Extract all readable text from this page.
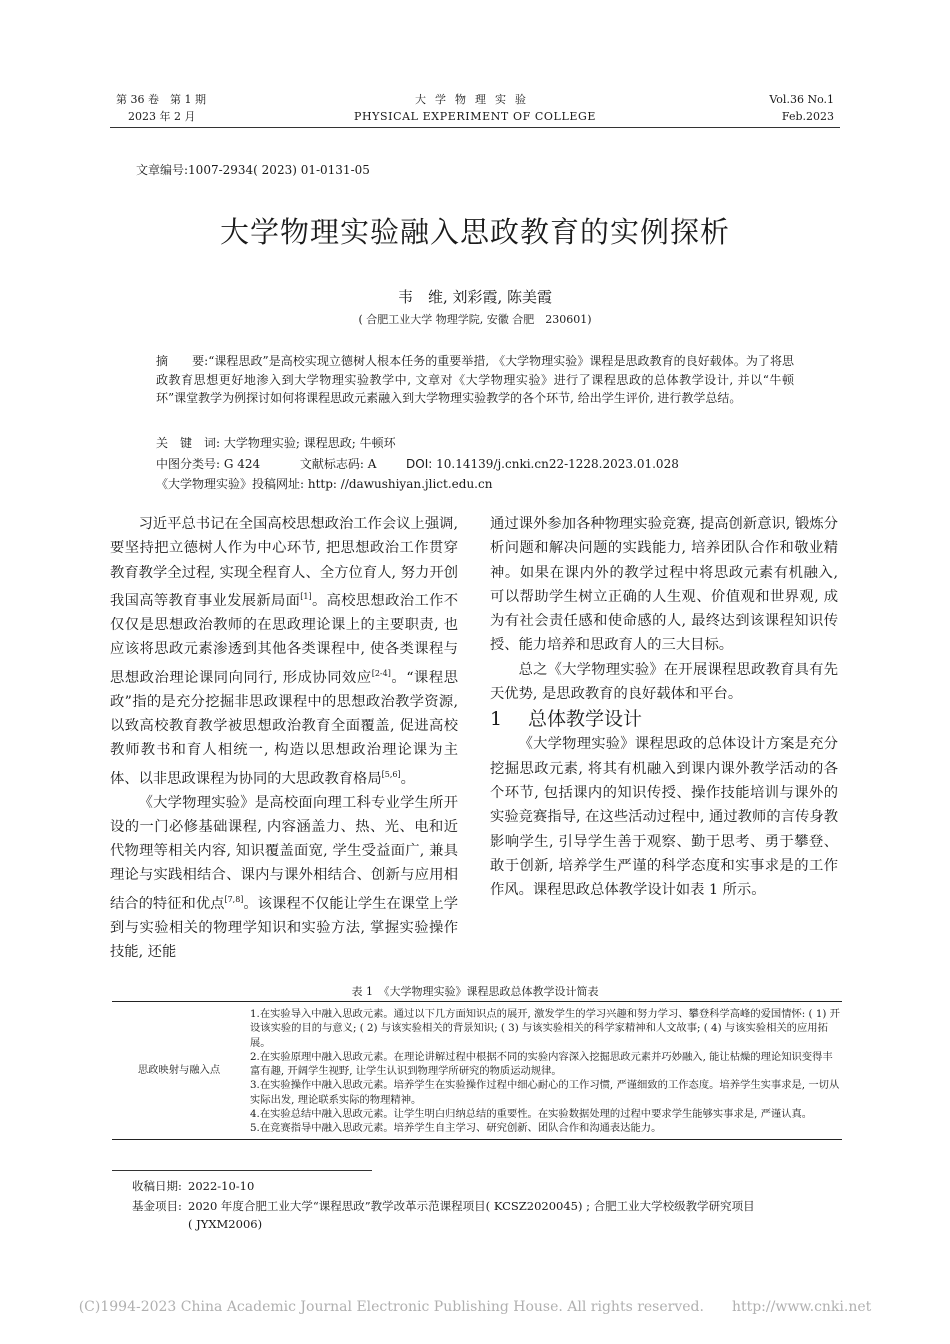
第 36 卷　第 1 期
2023 年 2 月
大学物理实验
PHYSICAL EXPERIMENT OF COLLEGE
Vol.36 No.1
Feb.2023
文章编号:1007-2934( 2023) 01-0131-05
大学物理实验融入思政教育的实例探析
韦　维, 刘彩霞, 陈美霞
( 合肥工业大学 物理学院, 安徽 合肥　230601)

摘　　要:“课程思政”是高校实现立德树人根本任务的重要举措, 《大学物理实验》课程是思政教育的良好载体。为了将思政教育思想更好地渗入到大学物理实验教学中, 文章对《大学物理实验》进行了课程思政的总体教学设计, 并以“牛顿环”课堂教学为例探讨如何将课程思政元素融入到大学物理实验教学的各个环节, 给出学生评价, 进行教学总结。

关　键　词: 大学物理实验; 课程思政; 牛顿环
中图分类号: G 424	文献标志码: A DOI: 10.14139/j.cnki.cn22-1228.2023.01.028
《大学物理实验》投稿网址: http: //dawushiyan.jlict.edu.cn

习近平总书记在全国高校思想政治工作会议上强调, 要坚持把立德树人作为中心环节, 把思想政治工作贯穿教育教学全过程, 实现全程育人、全方位育人, 努力开创我国高等教育事业发展新局面[1]。高校思想政治工作不仅仅是思想政治教师的在思政理论课上的主要职责, 也应该将思政元素渗透到其他各类课程中, 使各类课程与思想政治理论课同向同行, 形成协同效应[2-4]。“课程思政”指的是充分挖掘非思政课程中的思想政治教学资源, 以致高校教育教学被思想政治教育全面覆盖, 促进高校教师教书和育人相统一, 构造以思想政治理论课为主体、以非思政课程为协同的大思政教育格局[5,6]。

《大学物理实验》是高校面向理工科专业学生所开设的一门必修基础课程, 内容涵盖力、热、光、电和近代物理等相关内容, 知识覆盖面宽, 学生受益面广, 兼具理论与实践相结合、课内与课外相结合、创新与应用相结合的特征和优点[7,8]。该课程不仅能让学生在课堂上学到与实验相关的物理学知识和实验方法, 掌握实验操作技能, 还能

通过课外参加各种物理实验竞赛, 提高创新意识, 锻炼分析问题和解决问题的实践能力, 培养团队合作和敬业精神。如果在课内外的教学过程中将思政元素有机融入, 可以帮助学生树立正确的人生观、价值观和世界观, 成为有社会责任感和使命感的人, 最终达到该课程知识传授、能力培养和思政育人的三大目标。

总之《大学物理实验》在开展课程思政教育具有先天优势, 是思政教育的良好载体和平台。

1 总体教学设计

《大学物理实验》课程思政的总体设计方案是充分挖掘思政元素, 将其有机融入到课内课外教学活动的各个环节, 包括课内的知识传授、操作技能培训与课外的实验竞赛指导, 在这些活动过程中, 通过教师的言传身教影响学生, 引导学生善于观察、勤于思考、勇于攀登、敢于创新, 培养学生严谨的科学态度和实事求是的工作作风。课程思政总体教学设计如表 1 所示。

表 1　《大学物理实验》课程思政总体教学设计简表
思政映射与融入点

1.在实验导入中融入思政元素。通过以下几方面知识点的展开, 激发学生的学习兴趣和努力学习、攀登科学高峰的爱国情怀: ( 1) 开设该实验的目的与意义; ( 2) 与该实验相关的背景知识; ( 3) 与该实验相关的科学家精神和人文故事; ( 4) 与该实验相关的应用拓展。

2.在实验原理中融入思政元素。在理论讲解过程中根据不同的实验内容深入挖掘思政元素并巧妙融入, 能让枯燥的理论知识变得丰富有趣, 开阔学生视野, 让学生认识到物理学所研究的物质运动规律。

3.在实验操作中融入思政元素。培养学生在实验操作过程中细心耐心的工作习惯, 严谨细致的工作态度。培养学生实事求是, 一切从实际出发, 理论联系实际的物理精神。

4.在实验总结中融入思政元素。让学生明白归纳总结的重要性。在实验数据处理的过程中要求学生能够实事求是, 严谨认真。

5.在竞赛指导中融入思政元素。培养学生自主学习、研究创新、团队合作和沟通表达能力。

收稿日期: 2022-10-10
基金项目: 2020 年度合肥工业大学“课程思政”教学改革示范课程项目( KCSZ2020045) ; 合肥工业大学校级教学研究项目
( JYXM2006)
(C)1994-2023 China Academic Journal Electronic Publishing House. All rights reserved.　　http://www.cnki.net
